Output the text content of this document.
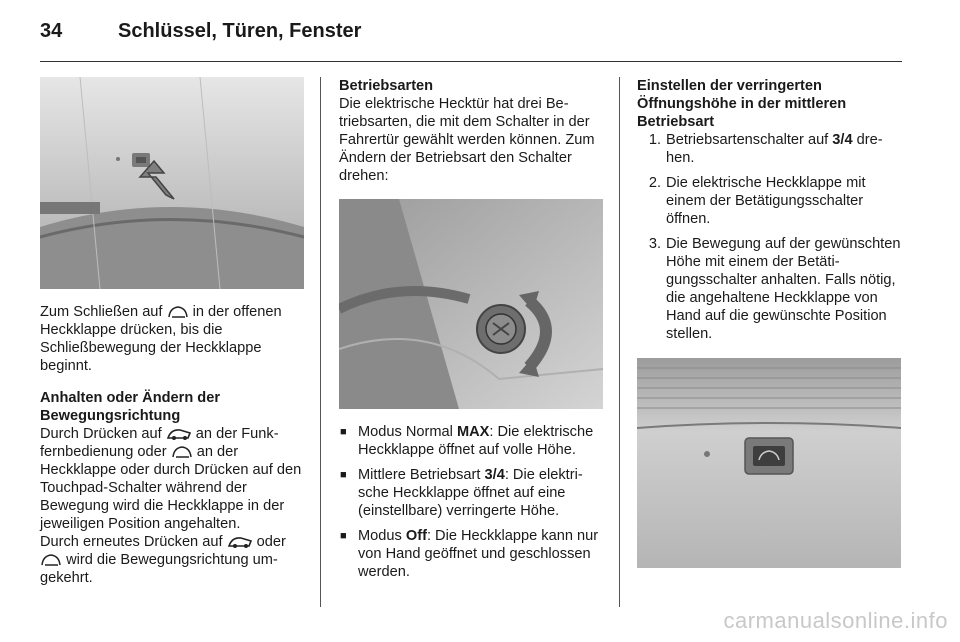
34	Schlüssel, Türen, Fenster

Zum Schließen auf in der offenen Heckklappe drücken, bis die Schließbewegung der Heckklappe beginnt.

Anhalten oder Ändern der Bewegungsrichtung

Durch Drücken auf an der Funkfernbedienung oder an der Heckklappe oder durch Drücken auf den Touchpad-Schalter während der Bewegung wird die Heckklappe in der jeweiligen Position angehalten.

Durch erneutes Drücken auf oder  wird die Bewegungsrichtung umgekehrt.

Betriebsarten

Die elektrische Hecktür hat drei Betriebsarten, die mit dem Schalter in der Fahrertür gewählt werden können. Zum Ändern der Betriebsart den Schalter drehen:

■ Modus Normal MAX: Die elektrische Heckklappe öffnet auf volle Höhe.
■ Mittlere Betriebsart 3/4: Die elektrische Heckklappe öffnet auf eine (einstellbare) verringerte Höhe.
■ Modus Off: Die Heckklappe kann nur von Hand geöffnet und geschlossen werden.

Einstellen der verringerten Öffnungshöhe in der mittleren Betriebsart

1. Betriebsartenschalter auf 3/4 drehen.
2. Die elektrische Heckklappe mit einem der Betätigungsschalter öffnen.
3. Die Bewegung auf der gewünschten Höhe mit einem der Betätigungsschalter anhalten. Falls nötig, die angehaltene Heckklappe von Hand auf die gewünschte Position stellen.
carmanualsonline.info
